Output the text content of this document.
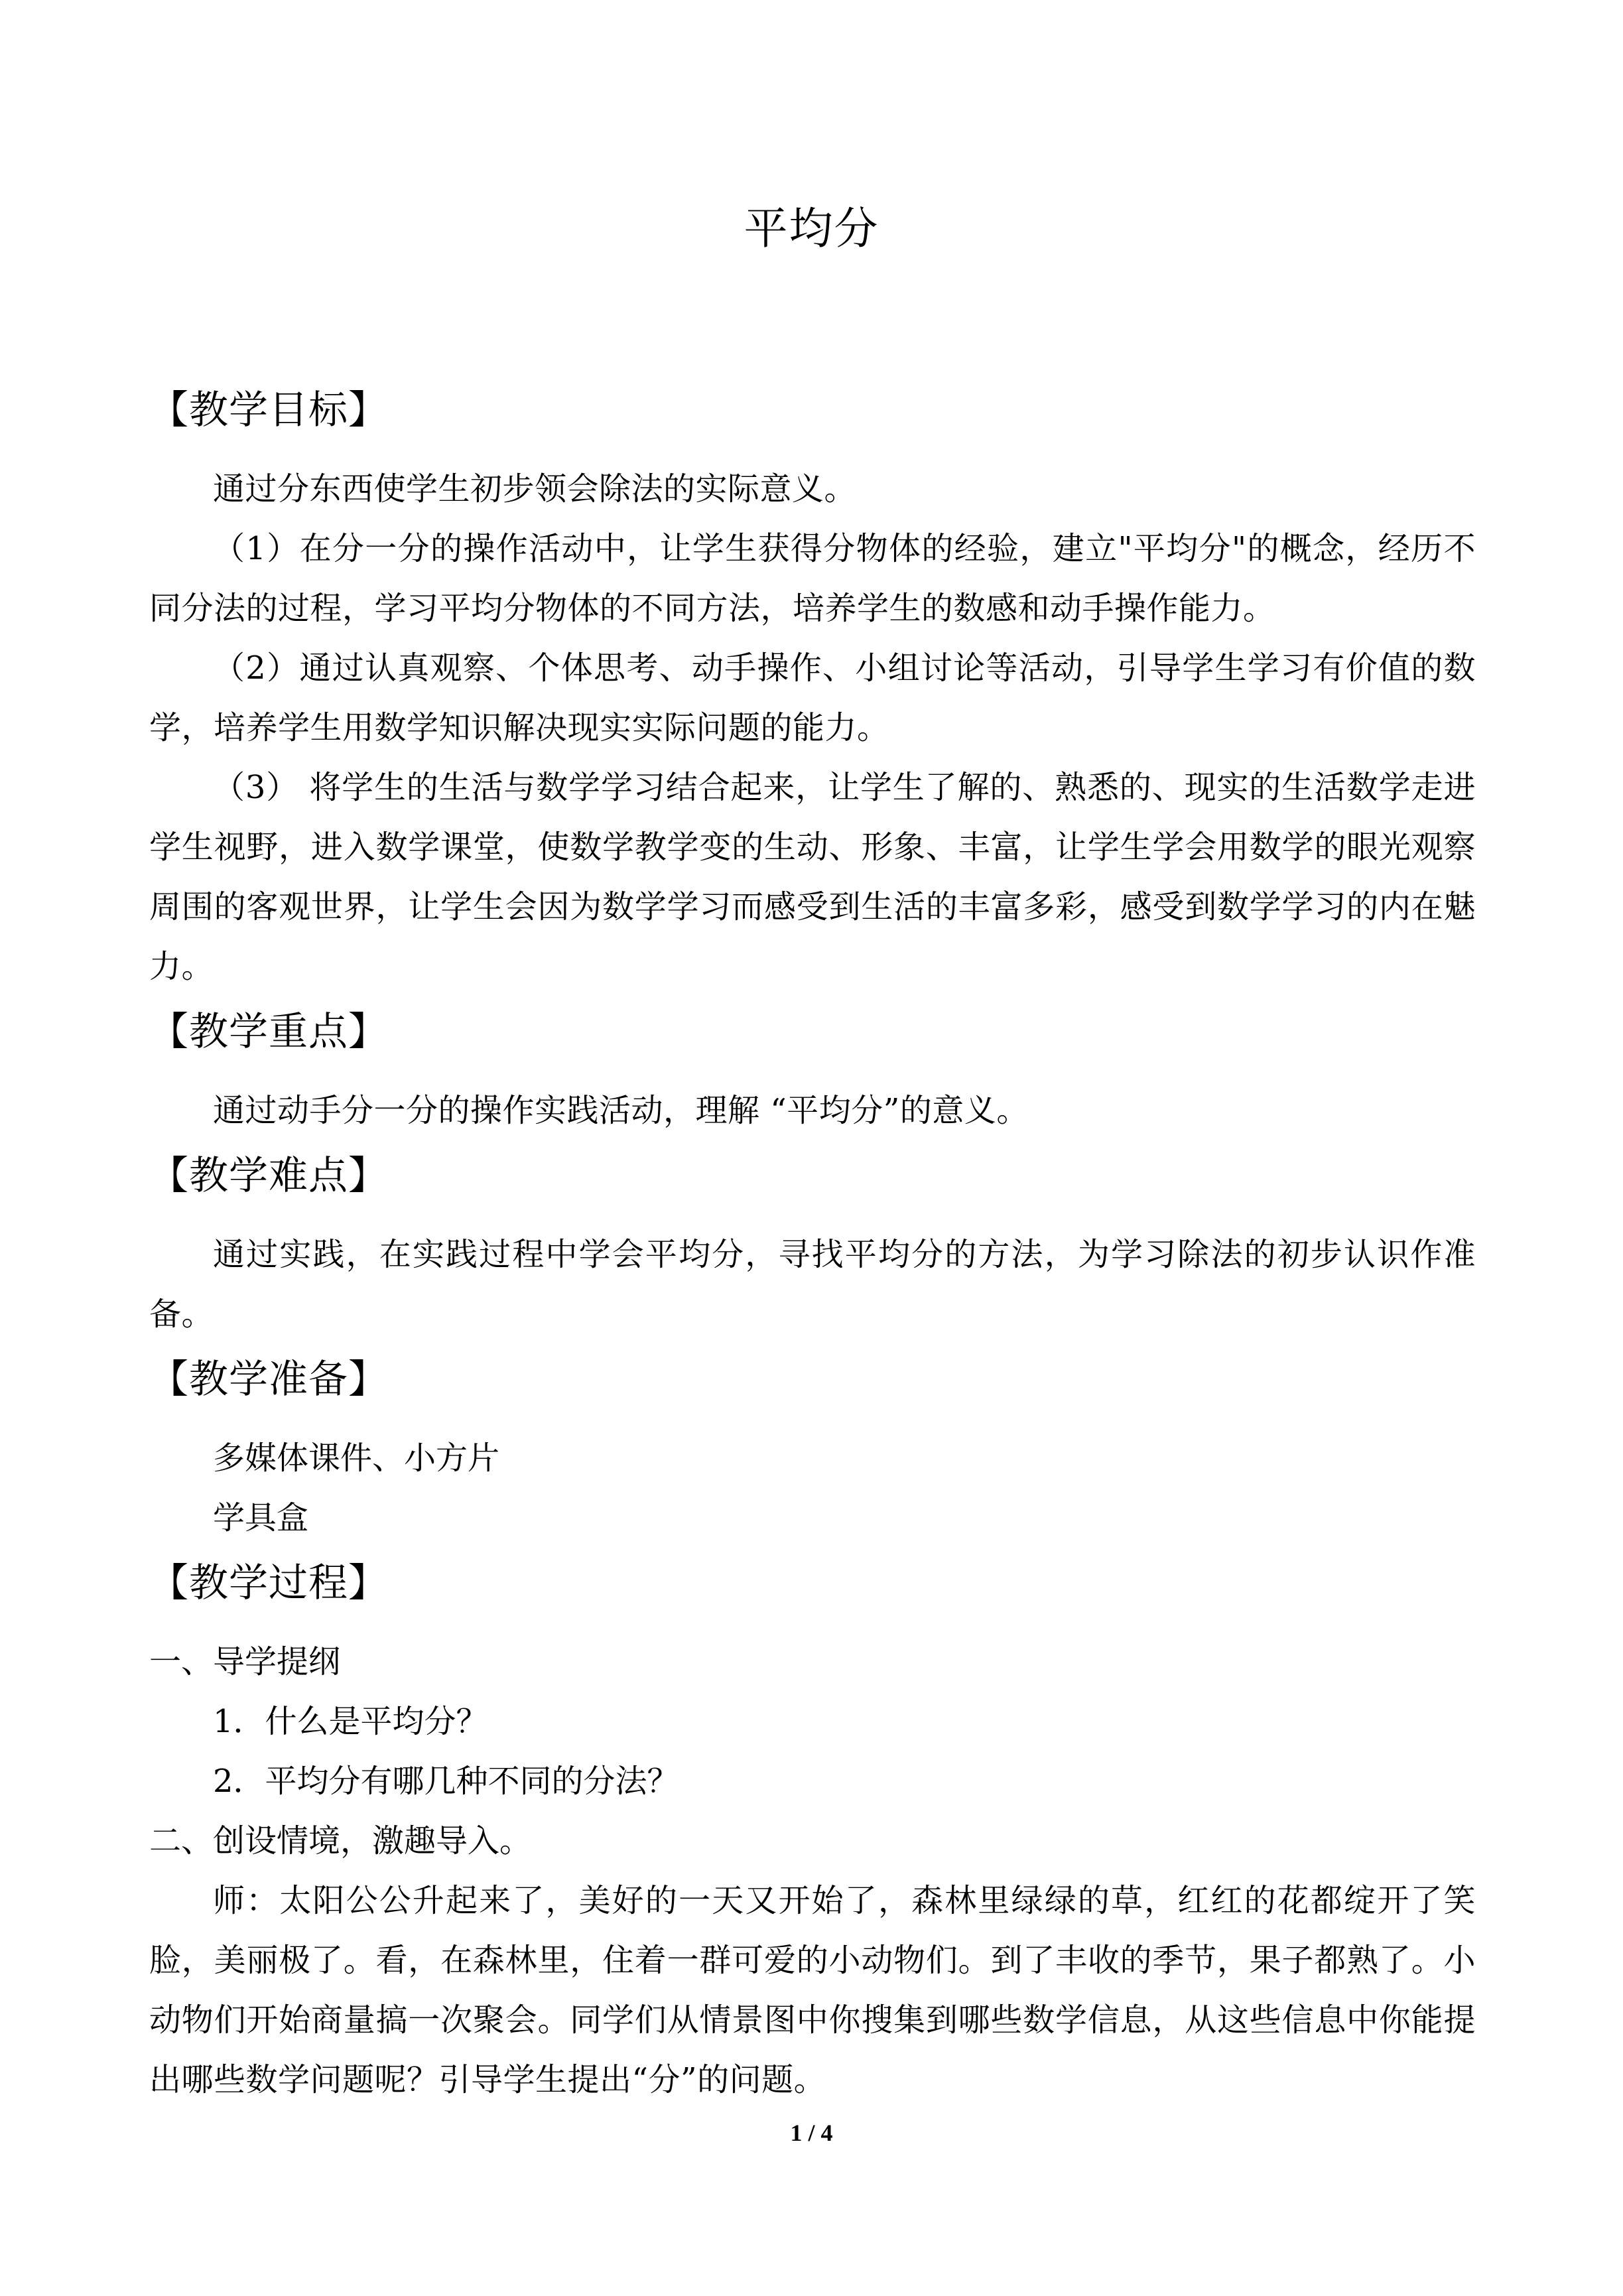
平均分

【教学目标】

通过分东西使学生初步领会除法的实际意义。

（1）在分一分的操作活动中，让学生获得分物体的经验，建立"平均分"的概念，经历不同分法的过程，学习平均分物体的不同方法，培养学生的数感和动手操作能力。

（2）通过认真观察、个体思考、动手操作、小组讨论等活动，引导学生学习有价值的数学，培养学生用数学知识解决现实实际问题的能力。

（3） 将学生的生活与数学学习结合起来，让学生了解的、熟悉的、现实的生活数学走进学生视野，进入数学课堂，使数学教学变的生动、形象、丰富，让学生学会用数学的眼光观察周围的客观世界，让学生会因为数学学习而感受到生活的丰富多彩，感受到数学学习的内在魅力。

【教学重点】

通过动手分一分的操作实践活动，理解 “平均分”的意义。

【教学难点】

通过实践，在实践过程中学会平均分，寻找平均分的方法，为学习除法的初步认识作准备。

【教学准备】

多媒体课件、小方片

学具盒

【教学过程】

一、导学提纲

1．什么是平均分？

2．平均分有哪几种不同的分法？

二、创设情境，激趣导入。

师：太阳公公升起来了，美好的一天又开始了，森林里绿绿的草，红红的花都绽开了笑脸，美丽极了。看，在森林里，住着一群可爱的小动物们。到了丰收的季节，果子都熟了。小动物们开始商量搞一次聚会。同学们从情景图中你搜集到哪些数学信息，从这些信息中你能提出哪些数学问题呢？引导学生提出“分”的问题。

1 / 4
